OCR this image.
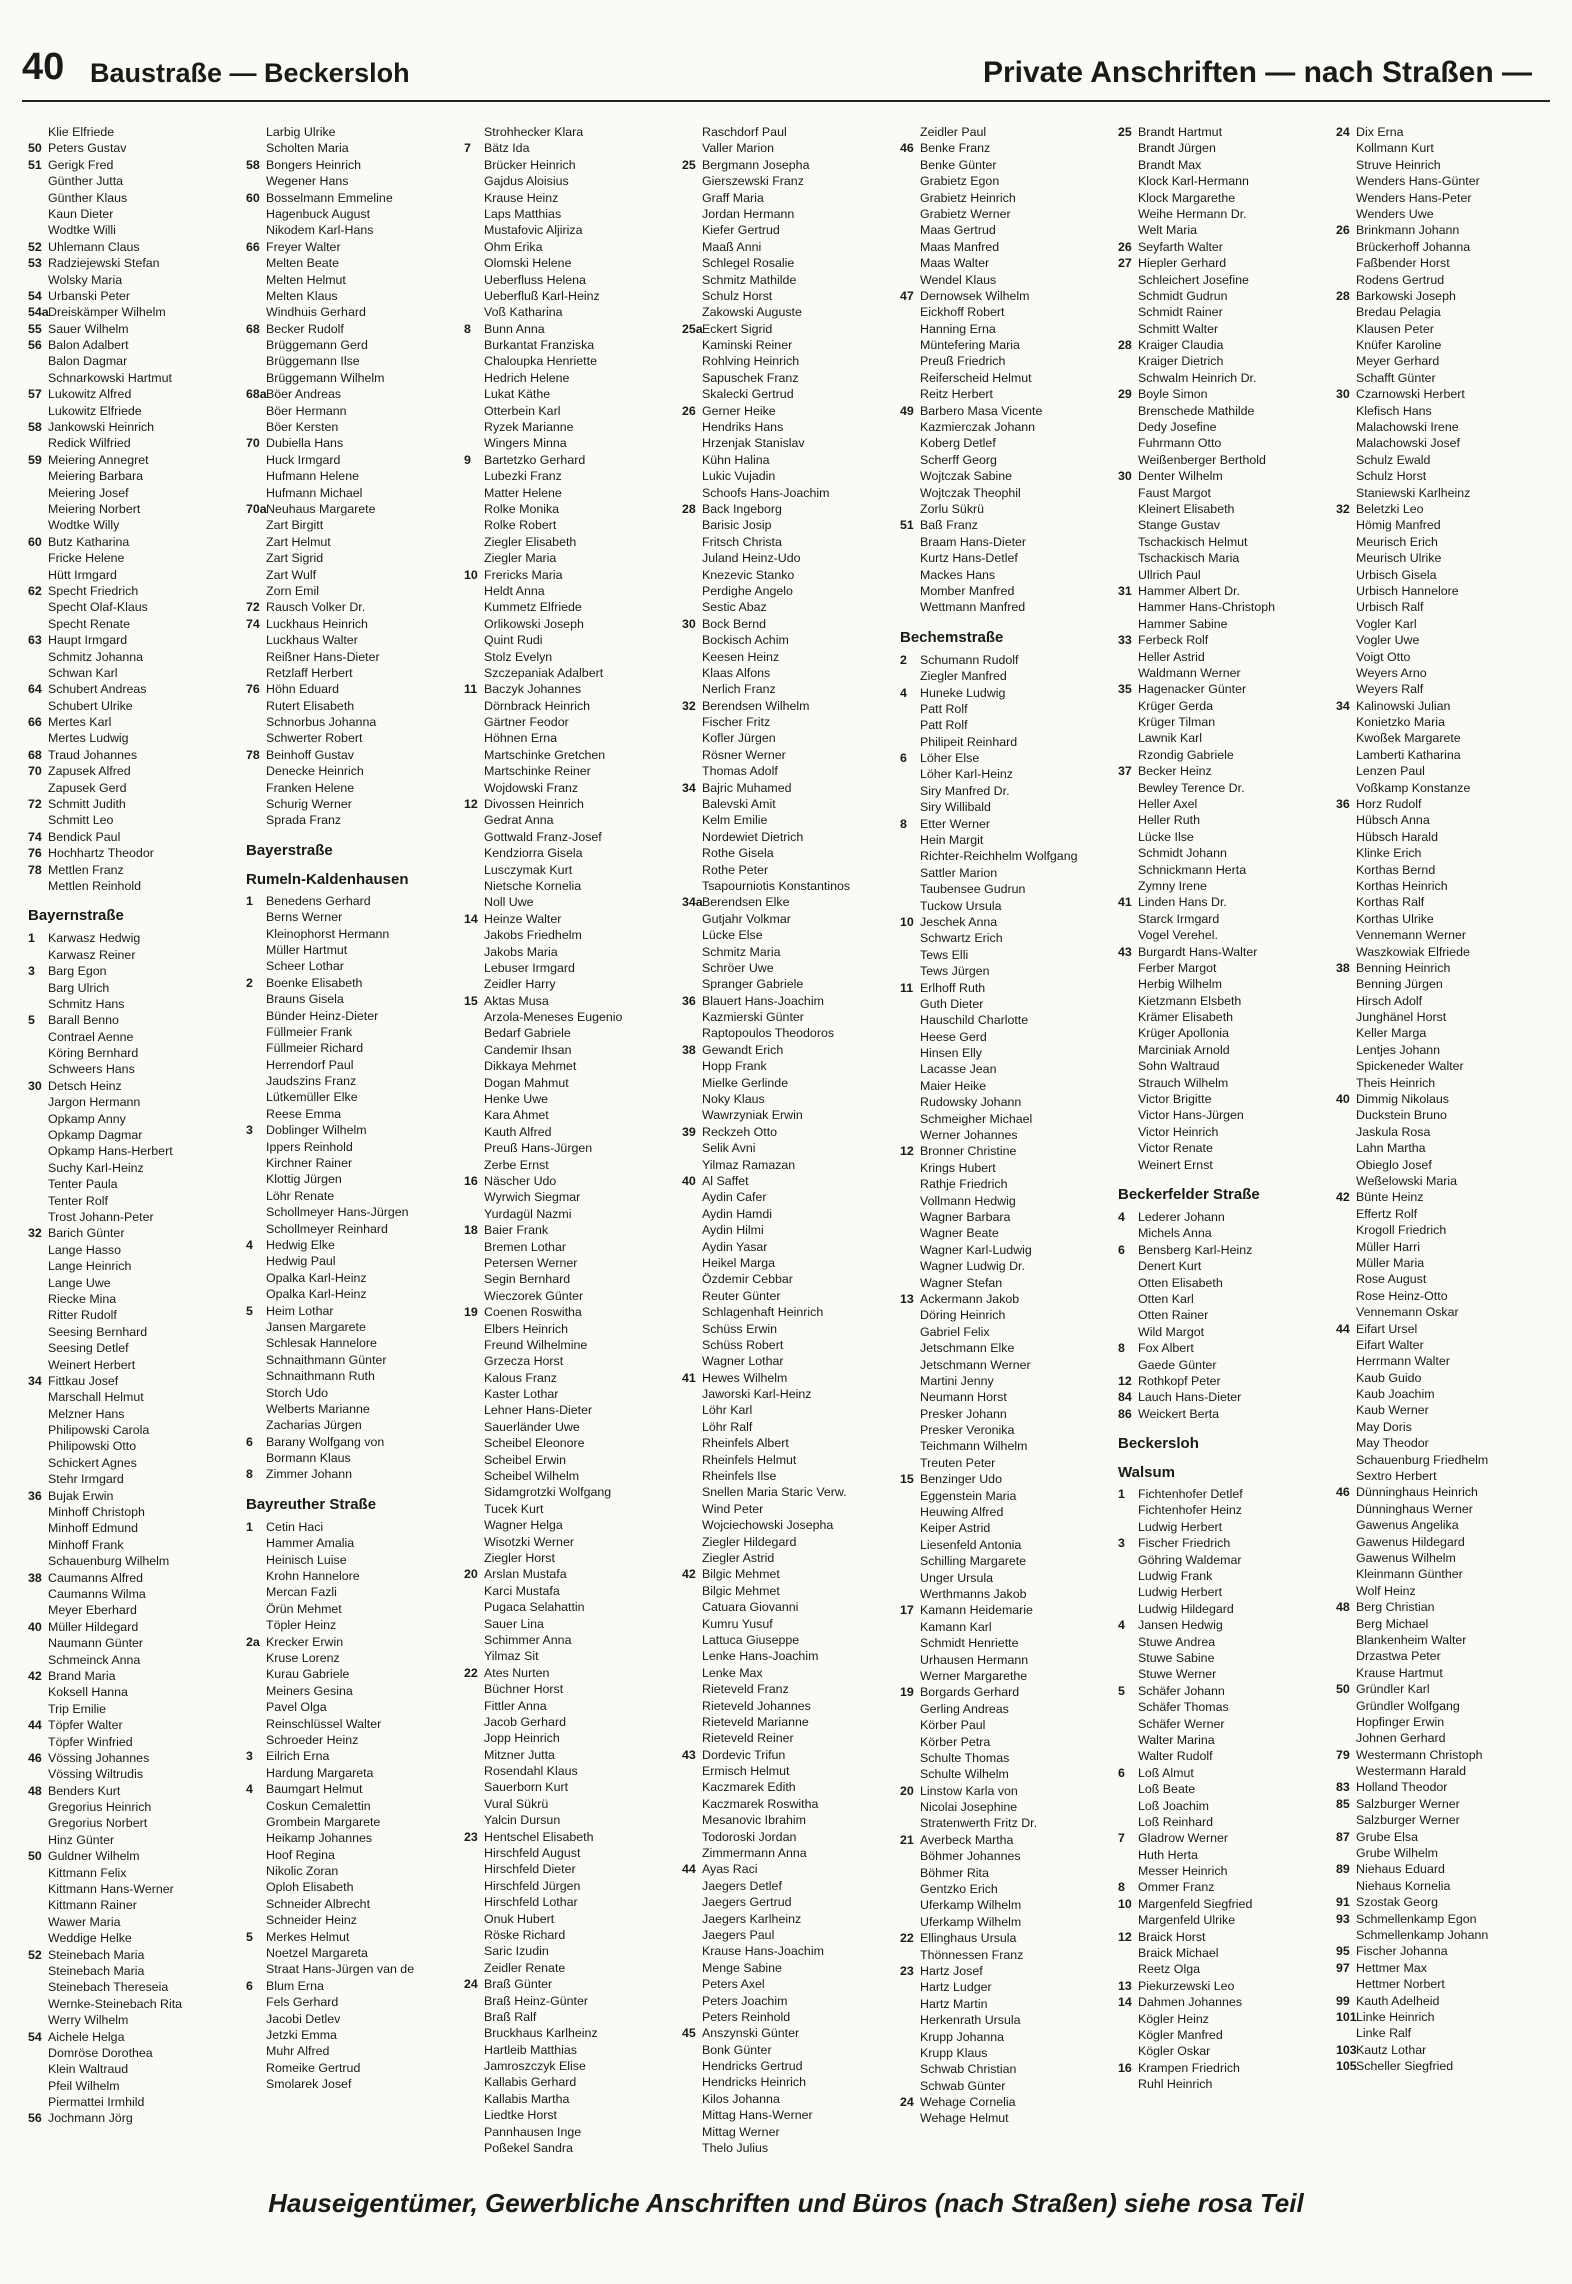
40 Baustraße — Beckersloh	Private Anschriften — nach Straßen —
Klie Elfriede
50 Peters Gustav
51 Gerigk Fred
Günther Jutta
Günther Klaus
Kaun Dieter
Wodtke Willi
52 Uhlemann Claus
53 Radziejewski Stefan
Wolsky Maria
54 Urbanski Peter
54aDreiskämper Wilhelm
55 Sauer Wilhelm
56 Balon Adalbert
Balon Dagmar
Schnarkowski Hartmut
57 Lukowitz Alfred
Lukowitz Elfriede
58 Jankowski Heinrich
Redick Wilfried
59 Meiering Annegret
Meiering Barbara
Meiering Josef
Meiering Norbert
Wodtke Willy
60 Butz Katharina
Fricke Helene
Hütt Irmgard
62 Specht Friedrich
Specht Olaf-Klaus
Specht Renate
63 Haupt Irmgard
Schmitz Johanna
Schwan Karl
64 Schubert Andreas
Schubert Ulrike
66 Mertes Karl
Mertes Ludwig
68 Traud Johannes
70 Zapusek Alfred
Zapusek Gerd
72 Schmitt Judith
Schmitt Leo
74 Bendick Paul
76 Hochhartz Theodor
78 Mettlen Franz
Mettlen Reinhold
Bayernstraße
1 Karwasz Hedwig
Karwasz Reiner
3 Barg Egon
Barg Ulrich
Schmitz Hans
5 Barall Benno
Contrael Aenne
Köring Bernhard
Schweers Hans
30 Detsch Heinz
Jargon Hermann
Opkamp Anny
Opkamp Dagmar
Opkamp Hans-Herbert
Suchy Karl-Heinz
Tenter Paula
Tenter Rolf
Trost Johann-Peter
32 Barich Günter
Lange Hasso
Lange Heinrich
Lange Uwe
Riecke Mina
Ritter Rudolf
Seesing Bernhard
Seesing Detlef
Weinert Herbert
34 Fittkau Josef
Marschall Helmut
Melzner Hans
Philipowski Carola
Philipowski Otto
Schickert Agnes
Stehr Irmgard
36 Bujak Erwin
Minhoff Christoph
Minhoff Edmund
Minhoff Frank
Schauenburg Wilhelm
38 Caumanns Alfred
Caumanns Wilma
Meyer Eberhard
40 Müller Hildegard
Naumann Günter
Schmeinck Anna
42 Brand Maria
Koksell Hanna
Trip Emilie
44 Töpfer Walter
Töpfer Winfried
46 Vössing Johannes
Vössing Wiltrudis
48 Benders Kurt
Gregorius Heinrich
Gregorius Norbert
Hinz Günter
50 Guldner Wilhelm
Kittmann Felix
Kittmann Hans-Werner
Kittmann Rainer
Wawer Maria
Weddige Helke
52 Steinebach Maria
Steinebach Maria
Steinebach Thereseia
Wernke-Steinebach Rita
Werry Wilhelm
54 Aichele Helga
Domröse Dorothea
Klein Waltraud
Pfeil Wilhelm
Piermattei Irmhild
56 Jochmann Jörg
Larbig Ulrike
Scholten Maria
58 Bongers Heinrich
Wegener Hans
60 Bosselmann Emmeline
Hagenbuck August
Nikodem Karl-Hans
66 Freyer Walter
Melten Beate
Melten Helmut
Melten Klaus
Windhuis Gerhard
68 Becker Rudolf
Brüggemann Gerd
Brüggemann Ilse
Brüggemann Wilhelm
68aBöer Andreas
Böer Hermann
Böer Kersten
70 Dubiella Hans
Huck Irmgard
Hufmann Helene
Hufmann Michael
70aNeuhaus Margarete
Zart Birgitt
Zart Helmut
Zart Sigrid
Zart Wulf
Zorn Emil
72 Rausch Volker Dr.
74 Luckhaus Heinrich
Luckhaus Walter
Reißner Hans-Dieter
Retzlaff Herbert
76 Höhn Eduard
Rutert Elisabeth
Schnorbus Johanna
Schwerter Robert
78 Beinhoff Gustav
Denecke Heinrich
Franken Helene
Schurig Werner
Sprada Franz
Bayerstraße
Rumeln-Kaldenhausen
1 Benedens Gerhard
Berns Werner
Kleinophorst Hermann
Müller Hartmut
Scheer Lothar
2 Boenke Elisabeth
Brauns Gisela
Bünder Heinz-Dieter
Füllmeier Frank
Füllmeier Richard
Herrendorf Paul
Jaudszins Franz
Lütkemüller Elke
Reese Emma
3 Doblinger Wilhelm
Ippers Reinhold
Kirchner Rainer
Klottig Jürgen
Löhr Renate
Schollmeyer Hans-Jürgen
Schollmeyer Reinhard
4 Hedwig Elke
Hedwig Paul
Opalka Karl-Heinz
Opalka Karl-Heinz
5 Heim Lothar
Jansen Margarete
Schlesak Hannelore
Schnaithmann Günter
Schnaithmann Ruth
Storch Udo
Welberts Marianne
Zacharias Jürgen
6 Barany Wolfgang von
Bormann Klaus
8 Zimmer Johann
Bayreuther Straße
1 Cetin Haci
Hammer Amalia
Heinisch Luise
Krohn Hannelore
Mercan Fazli
Örün Mehmet
Töpler Heinz
2a Krecker Erwin
Kruse Lorenz
Kurau Gabriele
Meiners Gesina
Pavel Olga
Reinschlüssel Walter
Schroeder Heinz
3 Eilrich Erna
Hardung Margareta
4 Baumgart Helmut
Coskun Cemalettin
Grombein Margarete
Heikamp Johannes
Hoof Regina
Nikolic Zoran
Oploh Elisabeth
Schneider Albrecht
Schneider Heinz
5 Merkes Helmut
Noetzel Margareta
Straat Hans-Jürgen van de
6 Blum Erna
Fels Gerhard
Jacobi Detlev
Jetzki Emma
Muhr Alfred
Romeike Gertrud
Smolarek Josef
Strohhecker Klara
7 Bätz Ida
Brücker Heinrich
Gajdus Aloisius
Krause Heinz
Laps Matthias
Mustafovic Aljiriza
Ohm Erika
Olomski Helene
Ueberfluss Helena
Ueberfluß Karl-Heinz
Voß Katharina
8 Bunn Anna
Burkantat Franziska
Chaloupka Henriette
Hedrich Helene
Lukat Käthe
Otterbein Karl
Ryzek Marianne
Wingers Minna
9 Bartetzko Gerhard
Lubezki Franz
Matter Helene
Rolke Monika
Rolke Robert
Ziegler Elisabeth
Ziegler Maria
10 Frericks Maria
Heldt Anna
Kummetz Elfriede
Orlikowski Joseph
Quint Rudi
Stolz Evelyn
Szczepaniak Adalbert
11 Baczyk Johannes
Dörnbrack Heinrich
Gärtner Feodor
Höhnen Erna
Martschinke Gretchen
Martschinke Reiner
Wojdowski Franz
12 Divossen Heinrich
Gedrat Anna
Gottwald Franz-Josef
Kendziorra Gisela
Lusczymak Kurt
Nietsche Kornelia
Noll Uwe
14 Heinze Walter
Jakobs Friedhelm
Jakobs Maria
Lebuser Irmgard
Zeidler Harry
15 Aktas Musa
Arzola-Meneses Eugenio
Bedarf Gabriele
Candemir Ihsan
Dikkaya Mehmet
Dogan Mahmut
Henke Uwe
Kara Ahmet
Kauth Alfred
Preuß Hans-Jürgen
Zerbe Ernst
16 Näscher Udo
Wyrwich Siegmar
Yurdagül Nazmi
18 Baier Frank
Bremen Lothar
Petersen Werner
Segin Bernhard
Wieczorek Günter
19 Coenen Roswitha
Elbers Heinrich
Freund Wilhelmine
Grzecza Horst
Kalous Franz
Kaster Lothar
Lehner Hans-Dieter
Sauerländer Uwe
Scheibel Eleonore
Scheibel Erwin
Scheibel Wilhelm
Sidamgrotzki Wolfgang
Tucek Kurt
Wagner Helga
Wisotzki Werner
Ziegler Horst
20 Arslan Mustafa
Karci Mustafa
Pugaca Selahattin
Sauer Lina
Schimmer Anna
Yilmaz Sit
22 Ates Nurten
Büchner Horst
Fittler Anna
Jacob Gerhard
Jopp Heinrich
Mitzner Jutta
Rosendahl Klaus
Sauerborn Kurt
Vural Sükrü
Yalcin Dursun
23 Hentschel Elisabeth
Hirschfeld August
Hirschfeld Dieter
Hirschfeld Jürgen
Hirschfeld Lothar
Onuk Hubert
Röske Richard
Saric Izudin
Zeidler Renate
24 Braß Günter
Braß Heinz-Günter
Braß Ralf
Bruckhaus Karlheinz
Hartleib Matthias
Jamroszczyk Elise
Kallabis Gerhard
Kallabis Martha
Liedtke Horst
Pannhausen Inge
Poßekel Sandra
Raschdorf Paul
Valler Marion
25 Bergmann Josepha
Gierszewski Franz
Graff Maria
Jordan Hermann
Kiefer Gertrud
Maaß Anni
Schlegel Rosalie
Schmitz Mathilde
Schulz Horst
Zakowski Auguste
25aEckert Sigrid
Kaminski Reiner
Rohlving Heinrich
Sapuschek Franz
Skalecki Gertrud
26 Gerner Heike
Hendriks Hans
Hrzenjak Stanislav
Kühn Halina
Lukic Vujadin
Schoofs Hans-Joachim
28 Back Ingeborg
Barisic Josip
Fritsch Christa
Juland Heinz-Udo
Knezevic Stanko
Perdighe Angelo
Sestic Abaz
30 Bock Bernd
Bockisch Achim
Keesen Heinz
Klaas Alfons
Nerlich Franz
32 Berendsen Wilhelm
Fischer Fritz
Kofler Jürgen
Rösner Werner
Thomas Adolf
34 Bajric Muhamed
Balevski Amit
Kelm Emilie
Nordewiet Dietrich
Rothe Gisela
Rothe Peter
Tsapourniotis Konstantinos
34aBerendsen Elke
Gutjahr Volkmar
Lücke Else
Schmitz Maria
Schröer Uwe
Spranger Gabriele
36 Blauert Hans-Joachim
Kazmierski Günter
Raptopoulos Theodoros
38 Gewandt Erich
Hopp Frank
Mielke Gerlinde
Noky Klaus
Wawrzyniak Erwin
39 Reckzeh Otto
Selik Avni
Yilmaz Ramazan
40 Al Saffet
Aydin Cafer
Aydin Hamdi
Aydin Hilmi
Aydin Yasar
Heikel Marga
Özdemir Cebbar
Reuter Günter
Schlagenhaft Heinrich
Schüss Erwin
Schüss Robert
Wagner Lothar
41 Hewes Wilhelm
Jaworski Karl-Heinz
Löhr Karl
Löhr Ralf
Rheinfels Albert
Rheinfels Helmut
Rheinfels Ilse
Snellen Maria Staric Verw.
Wind Peter
Wojciechowski Josepha
Ziegler Hildegard
Ziegler Astrid
42 Bilgic Mehmet
Bilgic Mehmet
Catuara Giovanni
Kumru Yusuf
Lattuca Giuseppe
Lenke Hans-Joachim
Lenke Max
Rieteveld Franz
Rieteveld Johannes
Rieteveld Marianne
Rieteveld Reiner
43 Dordevic Trifun
Ermisch Helmut
Kaczmarek Edith
Kaczmarek Roswitha
Mesanovic Ibrahim
Todoroski Jordan
Zimmermann Anna
44 Ayas Raci
Jaegers Detlef
Jaegers Gertrud
Jaegers Karlheinz
Jaegers Paul
Krause Hans-Joachim
Menge Sabine
Peters Axel
Peters Joachim
Peters Reinhold
45 Anszynski Günter
Bonk Günter
Hendricks Gertrud
Hendricks Heinrich
Kilos Johanna
Mittag Hans-Werner
Mittag Werner
Thelo Julius
Zeidler Paul
46 Benke Franz
Benke Günter
Grabietz Egon
Grabietz Heinrich
Grabietz Werner
Maas Gertrud
Maas Manfred
Maas Walter
Wendel Klaus
47 Dernowsek Wilhelm
Eickhoff Robert
Hanning Erna
Müntefering Maria
Preuß Friedrich
Reiferscheid Helmut
Reitz Herbert
49 Barbero Masa Vicente
Kazmierczak Johann
Koberg Detlef
Scherff Georg
Wojtczak Sabine
Wojtczak Theophil
Zorlu Sükrü
51 Baß Franz
Braam Hans-Dieter
Kurtz Hans-Detlef
Mackes Hans
Momber Manfred
Wettmann Manfred
Bechemstraße
2 Schumann Rudolf
Ziegler Manfred
4 Huneke Ludwig
Patt Rolf
Patt Rolf
Philipeit Reinhard
6 Löher Else
Löher Karl-Heinz
Siry Manfred Dr.
Siry Willibald
8 Etter Werner
Hein Margit
Richter-Reichhelm Wolfgang
Sattler Marion
Taubensee Gudrun
Tuckow Ursula
10 Jeschek Anna
Schwartz Erich
Tews Elli
Tews Jürgen
11 Erlhoff Ruth
Guth Dieter
Hauschild Charlotte
Heese Gerd
Hinsen Elly
Lacasse Jean
Maier Heike
Rudowsky Johann
Schmeigher Michael
Werner Johannes
12 Bronner Christine
Krings Hubert
Rathje Friedrich
Vollmann Hedwig
Wagner Barbara
Wagner Beate
Wagner Karl-Ludwig
Wagner Ludwig Dr.
Wagner Stefan
13 Ackermann Jakob
Döring Heinrich
Gabriel Felix
Jetschmann Elke
Jetschmann Werner
Martini Jenny
Neumann Horst
Presker Johann
Presker Veronika
Teichmann Wilhelm
Treuten Peter
15 Benzinger Udo
Eggenstein Maria
Heuwing Alfred
Keiper Astrid
Liesenfeld Antonia
Schilling Margarete
Unger Ursula
Werthmanns Jakob
17 Kamann Heidemarie
Kamann Karl
Schmidt Henriette
Urhausen Hermann
Werner Margarethe
19 Borgards Gerhard
Gerling Andreas
Körber Paul
Körber Petra
Schulte Thomas
Schulte Wilhelm
20 Linstow Karla von
Nicolai Josephine
Stratenwerth Fritz Dr.
21 Averbeck Martha
Böhmer Johannes
Böhmer Rita
Gentzko Erich
Uferkamp Wilhelm
Uferkamp Wilhelm
22 Ellinghaus Ursula
Thönnessen Franz
23 Hartz Josef
Hartz Ludger
Hartz Martin
Herkenrath Ursula
Krupp Johanna
Krupp Klaus
Schwab Christian
Schwab Günter
24 Wehage Cornelia
Wehage Helmut
25 Brandt Hartmut
Brandt Jürgen
Brandt Max
Klock Karl-Hermann
Klock Margarethe
Weihe Hermann Dr.
Welt Maria
26 Seyfarth Walter
27 Hiepler Gerhard
Schleichert Josefine
Schmidt Gudrun
Schmidt Rainer
Schmitt Walter
28 Kraiger Claudia
Kraiger Dietrich
Schwalm Heinrich Dr.
29 Boyle Simon
Brenschede Mathilde
Dedy Josefine
Fuhrmann Otto
Weißenberger Berthold
30 Denter Wilhelm
Faust Margot
Kleinert Elisabeth
Stange Gustav
Tschackisch Helmut
Tschackisch Maria
Ullrich Paul
31 Hammer Albert Dr.
Hammer Hans-Christoph
Hammer Sabine
33 Ferbeck Rolf
Heller Astrid
Waldmann Werner
35 Hagenacker Günter
Krüger Gerda
Krüger Tilman
Lawnik Karl
Rzondig Gabriele
37 Becker Heinz
Bewley Terence Dr.
Heller Axel
Heller Ruth
Lücke Ilse
Schmidt Johann
Schnickmann Herta
Zymny Irene
41 Linden Hans Dr.
Starck Irmgard
Vogel Verehel.
43 Burgardt Hans-Walter
Ferber Margot
Herbig Wilhelm
Kietzmann Elsbeth
Krämer Elisabeth
Krüger Apollonia
Marciniak Arnold
Sohn Waltraud
Strauch Wilhelm
Victor Brigitte
Victor Hans-Jürgen
Victor Heinrich
Victor Renate
Weinert Ernst
Beckerfelder Straße
4 Lederer Johann
Michels Anna
6 Bensberg Karl-Heinz
Denert Kurt
Otten Elisabeth
Otten Karl
Otten Rainer
Wild Margot
8 Fox Albert
Gaede Günter
12 Rothkopf Peter
84 Lauch Hans-Dieter
86 Weickert Berta
Beckersloh
Walsum
1 Fichtenhofer Detlef
Fichtenhofer Heinz
Ludwig Herbert
3 Fischer Friedrich
Göhring Waldemar
Ludwig Frank
Ludwig Herbert
Ludwig Hildegard
4 Jansen Hedwig
Stuwe Andrea
Stuwe Sabine
Stuwe Werner
5 Schäfer Johann
Schäfer Thomas
Schäfer Werner
Walter Marina
Walter Rudolf
6 Loß Almut
Loß Beate
Loß Joachim
Loß Reinhard
7 Gladrow Werner
Huth Herta
Messer Heinrich
8 Ommer Franz
10 Margenfeld Siegfried
Margenfeld Ulrike
12 Braick Horst
Braick Michael
Reetz Olga
13 Piekurzewski Leo
14 Dahmen Johannes
Kögler Heinz
Kögler Manfred
Kögler Oskar
16 Krampen Friedrich
Ruhl Heinrich
24 Dix Erna
Kollmann Kurt
Struve Heinrich
Wenders Hans-Günter
Wenders Hans-Peter
Wenders Uwe
26 Brinkmann Johann
Brückerhoff Johanna
Faßbender Horst
Rodens Gertrud
28 Barkowski Joseph
Bredau Pelagia
Klausen Peter
Knüfer Karoline
Meyer Gerhard
Schafft Günter
30 Czarnowski Herbert
Klefisch Hans
Malachowski Irene
Malachowski Josef
Schulz Ewald
Schulz Horst
Staniewski Karlheinz
32 Beletzki Leo
Hömig Manfred
Meurisch Erich
Meurisch Ulrike
Urbisch Gisela
Urbisch Hannelore
Urbisch Ralf
Vogler Karl
Vogler Uwe
Voigt Otto
Weyers Arno
Weyers Ralf
34 Kalinowski Julian
Konietzko Maria
Kwoßek Margarete
Lamberti Katharina
Lenzen Paul
Voßkamp Konstanze
36 Horz Rudolf
Hübsch Anna
Hübsch Harald
Klinke Erich
Korthas Bernd
Korthas Heinrich
Korthas Ralf
Korthas Ulrike
Vennemann Werner
Waszkowiak Elfriede
38 Benning Heinrich
Benning Jürgen
Hirsch Adolf
Junghänel Horst
Keller Marga
Lentjes Johann
Spickeneder Walter
Theis Heinrich
40 Dimmig Nikolaus
Duckstein Bruno
Jaskula Rosa
Lahn Martha
Obieglo Josef
Weßelowski Maria
42 Bünte Heinz
Effertz Rolf
Krogoll Friedrich
Müller Harri
Müller Maria
Rose August
Rose Heinz-Otto
Vennemann Oskar
44 Eifart Ursel
Eifart Walter
Herrmann Walter
Kaub Guido
Kaub Joachim
Kaub Werner
May Doris
May Theodor
Schauenburg Friedhelm
Sextro Herbert
46 Dünninghaus Heinrich
Dünninghaus Werner
Gawenus Angelika
Gawenus Hildegard
Gawenus Wilhelm
Kleinmann Günther
Wolf Heinz
48 Berg Christian
Berg Michael
Blankenheim Walter
Drzastwa Peter
Krause Hartmut
50 Gründler Karl
Gründler Wolfgang
Hopfinger Erwin
Johnen Gerhard
79 Westermann Christoph
Westermann Harald
83 Holland Theodor
85 Salzburger Werner
Salzburger Werner
87 Grube Elsa
Grube Wilhelm
89 Niehaus Eduard
Niehaus Kornelia
91 Szostak Georg
93 Schmellenkamp Egon
Schmellenkamp Johann
95 Fischer Johanna
97 Hettmer Max
Hettmer Norbert
99 Kauth Adelheid
101Linke Heinrich
Linke Ralf
103Kautz Lothar
105Scheller Siegfried
Hauseigentümer, Gewerbliche Anschriften und Büros (nach Straßen) siehe rosa Teil
